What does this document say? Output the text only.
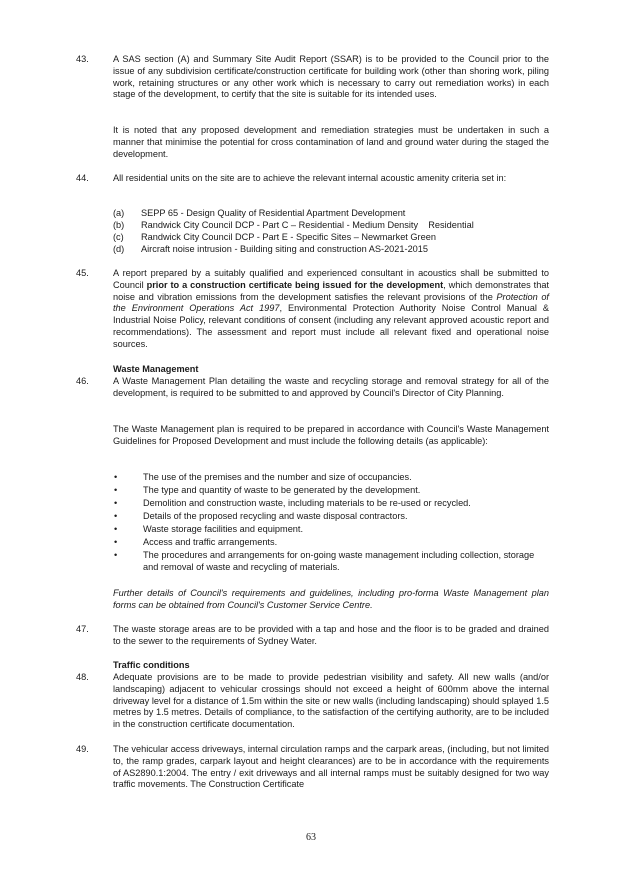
43.	A SAS section (A) and Summary Site Audit Report (SSAR) is to be provided to the Council prior to the issue of any subdivision certificate/construction certificate for building work (other than shoring work, piling work, retaining structures or any other work which is necessary to carry out remediation works) in each stage of the development, to certify that the site is suitable for its intended uses.
It is noted that any proposed development and remediation strategies must be undertaken in such a manner that minimise the potential for cross contamination of land and ground water during the staged the development.
44.	All residential units on the site are to achieve the relevant internal acoustic amenity criteria set in:
(a) SEPP 65 - Design Quality of Residential Apartment Development
(b) Randwick City Council DCP - Part C – Residential - Medium Density    Residential
(c) Randwick City Council DCP - Part E - Specific Sites – Newmarket Green
(d) Aircraft noise intrusion - Building siting and construction AS-2021-2015
45.	A report prepared by a suitably qualified and experienced consultant in acoustics shall be submitted to Council prior to a construction certificate being issued for the development, which demonstrates that noise and vibration emissions from the development satisfies the relevant provisions of the Protection of the Environment Operations Act 1997, Environmental Protection Authority Noise Control Manual & Industrial Noise Policy, relevant conditions of consent (including any relevant approved acoustic report and recommendations). The assessment and report must include all relevant fixed and operational noise sources.
Waste Management
46.	A Waste Management Plan detailing the waste and recycling storage and removal strategy for all of the development, is required to be submitted to and approved by Council's Director of City Planning.
The Waste Management plan is required to be prepared in accordance with Council's Waste Management Guidelines for Proposed Development and must include the following details (as applicable):
•	The use of the premises and the number and size of occupancies.
•	The type and quantity of waste to be generated by the development.
•	Demolition and construction waste, including materials to be re-used or recycled.
•	Details of the proposed recycling and waste disposal contractors.
•	Waste storage facilities and equipment.
•	Access and traffic arrangements.
•	The procedures and arrangements for on-going waste management including collection, storage and removal of waste and recycling of materials.
Further details of Council's requirements and guidelines, including pro-forma Waste Management plan forms can be obtained from Council's Customer Service Centre.
47.	The waste storage areas are to be provided with a tap and hose and the floor is to be graded and drained to the sewer to the requirements of Sydney Water.
Traffic conditions
48.	Adequate provisions are to be made to provide pedestrian visibility and safety. All new walls (and/or landscaping) adjacent to vehicular crossings should not exceed a height of 600mm above the internal driveway level for a distance of 1.5m within the site or new walls (including landscaping) should splayed 1.5 metres by 1.5 metres. Details of compliance, to the satisfaction of the certifying authority, are to be included in the construction certificate documentation.
49.	The vehicular access driveways, internal circulation ramps and the carpark areas, (including, but not limited to, the ramp grades, carpark layout and height clearances) are to be in accordance with the requirements of AS2890.1:2004. The entry / exit driveways and all internal ramps must be suitably designed for two way traffic movements. The Construction Certificate
63
